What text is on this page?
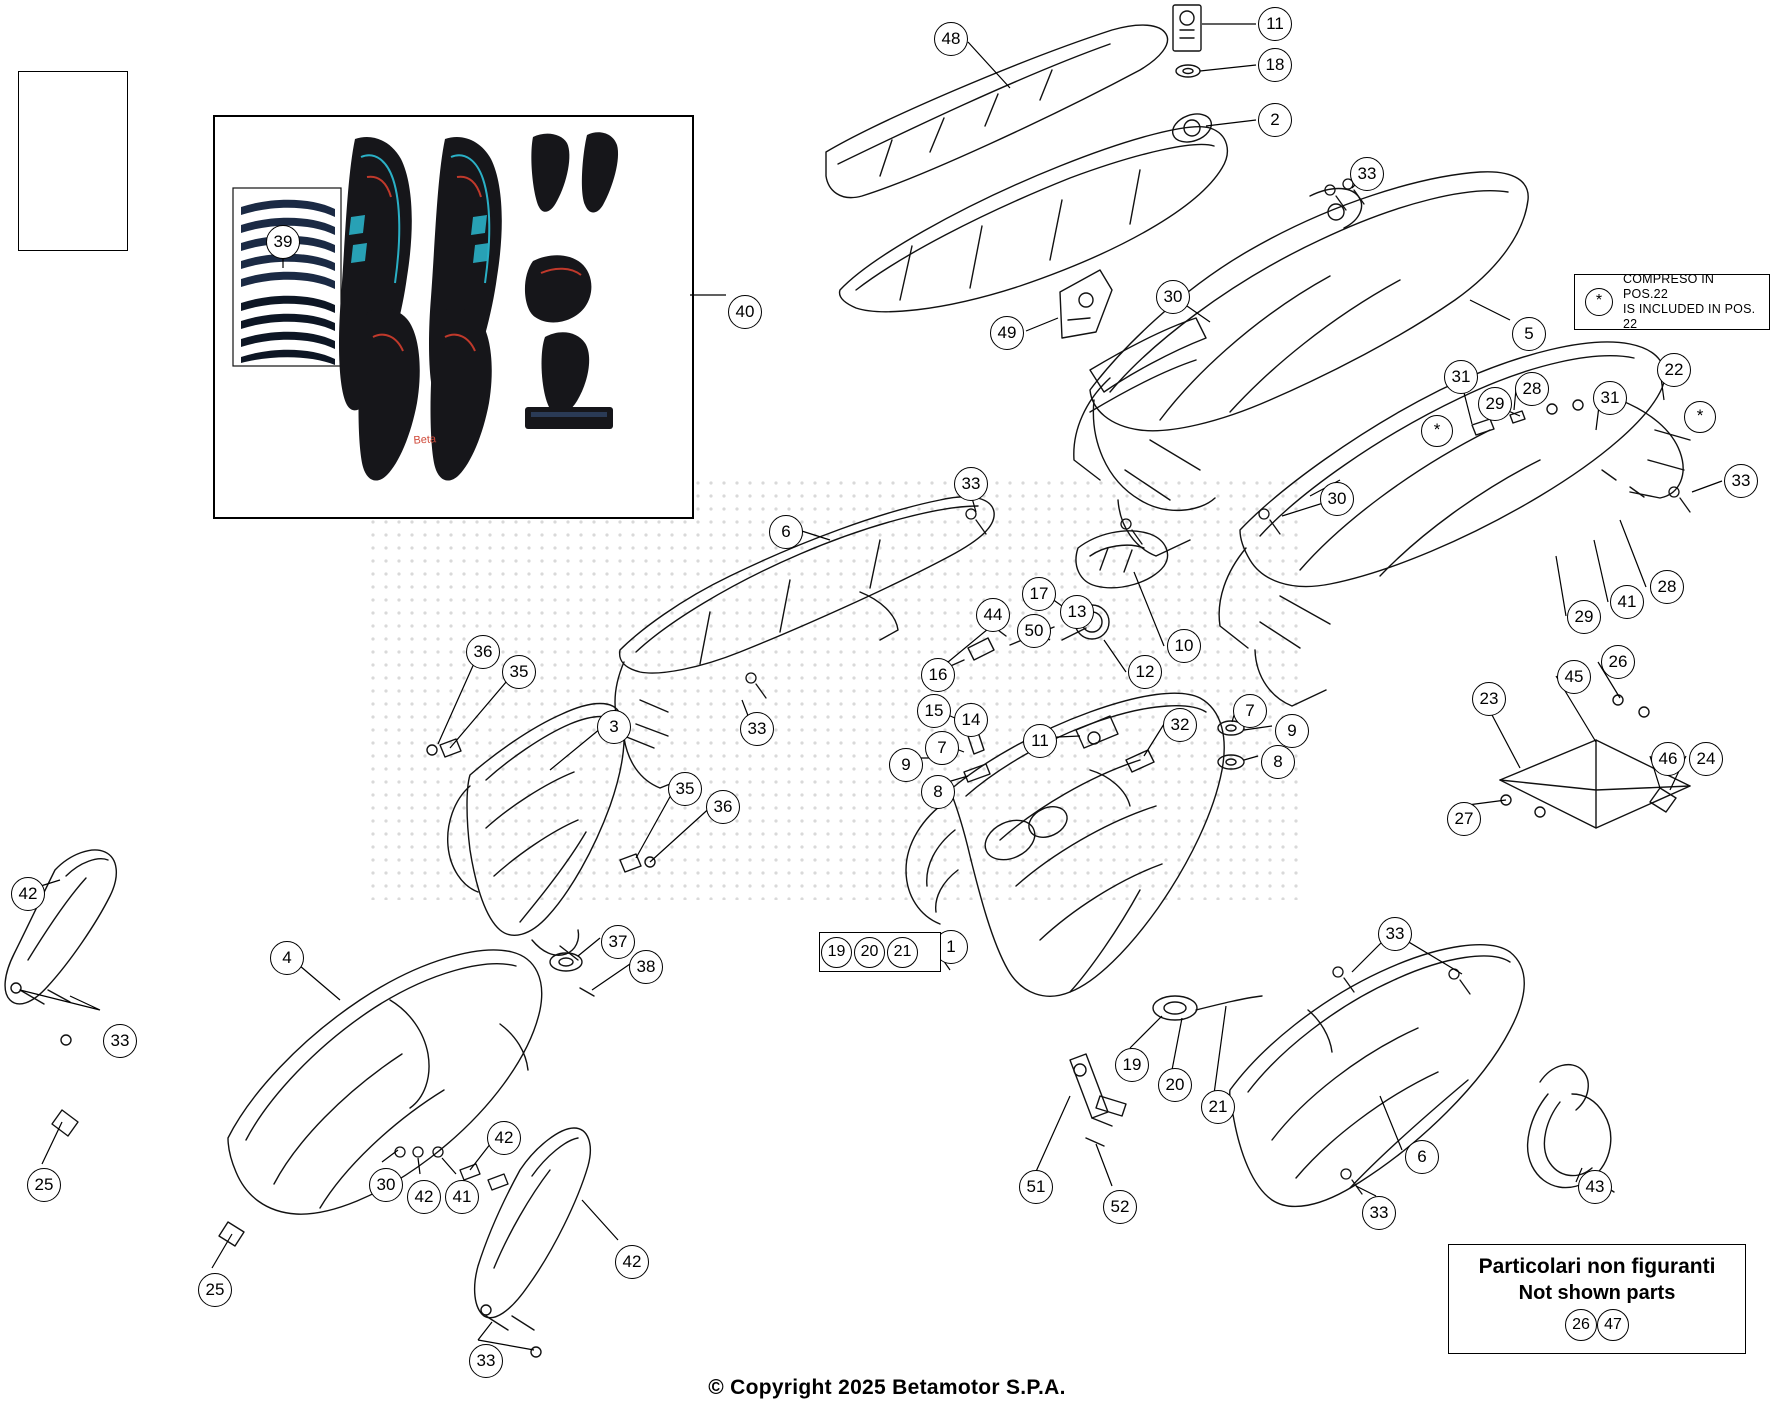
Beta
*
COMPRESO IN POS.22
IS INCLUDED IN POS. 22
*
*
19 20 21
Particolari non figuranti
Not shown parts
26 47
11
48
18
2
33
39
40
30
5
49
31
28
29
22
31
33
30
33
6
17
13
44
50
10
12
16
28
41
29
15	14	7
9
7	11
32
9	8
8
26
45
23
46	24
27
36
35
3
35
36
33
37
38
4
42
33
25
33
1
19
20
21
6
43
51
52	33
30
42	41
42
42
25
33
© Copyright 2025 Betamotor S.P.A.
